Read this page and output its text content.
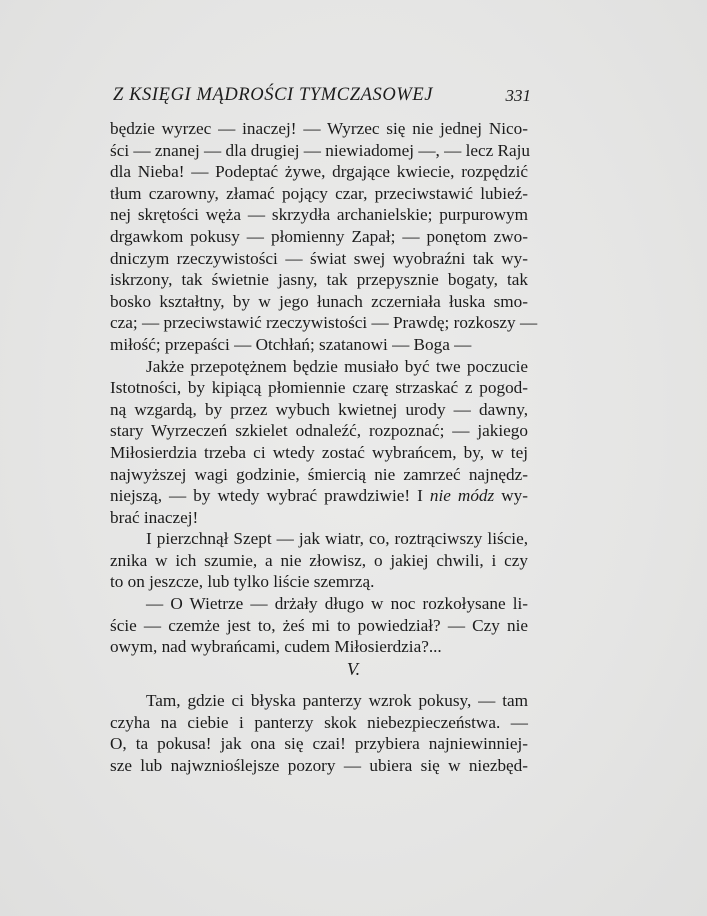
Z KSIĘGI MĄDROŚCI TYMCZASOWEJ	331
będzie wyrzec — inaczej! — Wyrzec się nie jednej Nico-
ści — znanej — dla drugiej — niewiadomej —, — lecz Raju
dla Nieba! — Podeptać żywe, drgające kwiecie, rozpędzić
tłum czarowny, złamać pojący czar, przeciwstawić lubieź-
nej skrętości węża — skrzydła archanielskie; purpurowym
drgawkom pokusy — płomienny Zapał; — ponętom zwo-
dniczym rzeczywistości — świat swej wyobraźni tak wy-
iskrzony, tak świetnie jasny, tak przepysznie bogaty, tak
bosko kształtny, by w jego łunach zczerniała łuska smo-
cza; — przeciwstawić rzeczywistości — Prawdę; rozkoszy —
miłość; przepaści — Otchłań; szatanowi — Boga —
Jakże przepotężnem będzie musiało być twe poczucie
Istotności, by kipiącą płomiennie czarę strzaskać z pogod-
ną wzgardą, by przez wybuch kwietnej urody — dawny,
stary Wyrzeczeń szkielet odnaleźć, rozpoznać; — jakiego
Miłosierdzia trzeba ci wtedy zostać wybrańcem, by, w tej
najwyższej wagi godzinie, śmiercią nie zamrzeć najnędz-
niejszą, — by wtedy wybrać prawdziwie! I nie módz wy-
brać inaczej!
I pierzchnął Szept — jak wiatr, co, roztrąciwszy liście,
znika w ich szumie, a nie złowisz, o jakiej chwili, i czy
to on jeszcze, lub tylko liście szemrzą.
— O Wietrze — drżały długo w noc rozkołysane li-
ście — czemże jest to, żeś mi to powiedział? — Czy nie
owym, nad wybrańcami, cudem Miłosierdzia?...
V.
Tam, gdzie ci błyska panterzy wzrok pokusy, — tam
czyha na ciebie i panterzy skok niebezpieczeństwa. —
O, ta pokusa! jak ona się czai! przybiera najniewinniej-
sze lub najwznioślejsze pozory — ubiera się w niezbęd-
